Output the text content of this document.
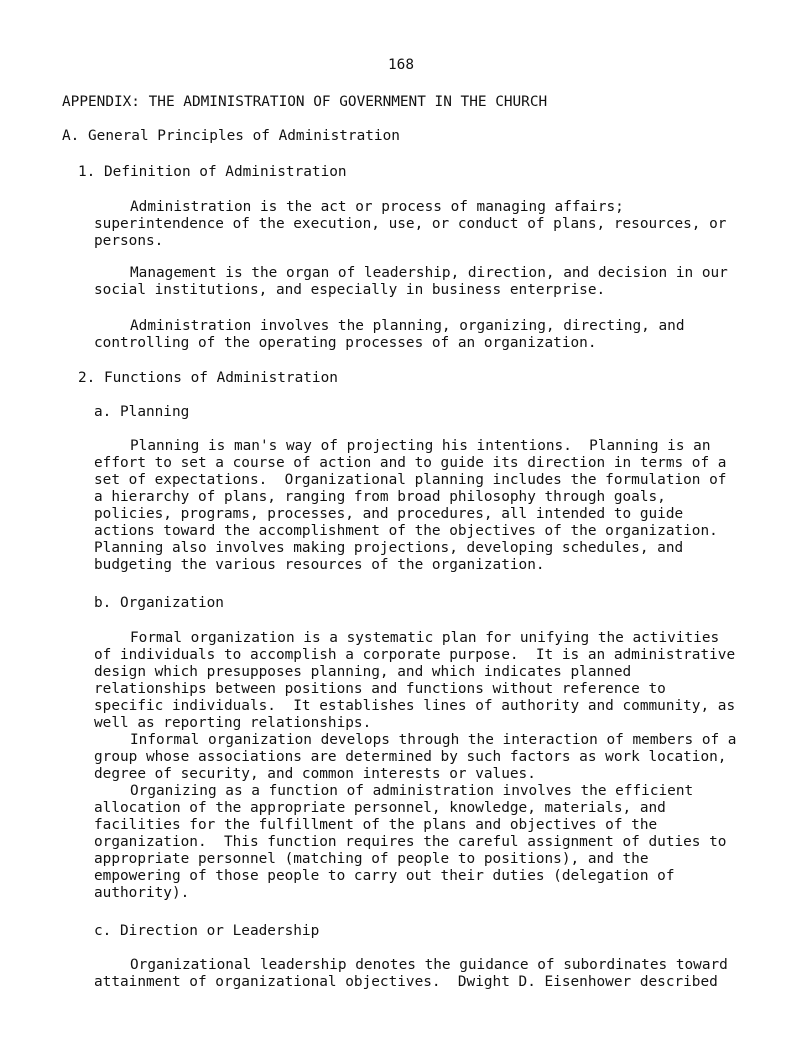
168
APPENDIX: THE ADMINISTRATION OF GOVERNMENT IN THE CHURCH
A. General Principles of Administration
1. Definition of Administration
Administration is the act or process of managing affairs;
superintendence of the execution, use, or conduct of plans, resources, or
persons.
Management is the organ of leadership, direction, and decision in our
social institutions, and especially in business enterprise.
Administration involves the planning, organizing, directing, and
controlling of the operating processes of an organization.
2. Functions of Administration
a. Planning
Planning is man's way of projecting his intentions.  Planning is an
effort to set a course of action and to guide its direction in terms of a
set of expectations.  Organizational planning includes the formulation of
a hierarchy of plans, ranging from broad philosophy through goals,
policies, programs, processes, and procedures, all intended to guide
actions toward the accomplishment of the objectives of the organization.
Planning also involves making projections, developing schedules, and
budgeting the various resources of the organization.
b. Organization
Formal organization is a systematic plan for unifying the activities
of individuals to accomplish a corporate purpose.  It is an administrative
design which presupposes planning, and which indicates planned
relationships between positions and functions without reference to
specific individuals.  It establishes lines of authority and community, as
well as reporting relationships.
Informal organization develops through the interaction of members of a
group whose associations are determined by such factors as work location,
degree of security, and common interests or values.
Organizing as a function of administration involves the efficient
allocation of the appropriate personnel, knowledge, materials, and
facilities for the fulfillment of the plans and objectives of the
organization.  This function requires the careful assignment of duties to
appropriate personnel (matching of people to positions), and the
empowering of those people to carry out their duties (delegation of
authority).
c. Direction or Leadership
Organizational leadership denotes the guidance of subordinates toward
attainment of organizational objectives.  Dwight D. Eisenhower described
